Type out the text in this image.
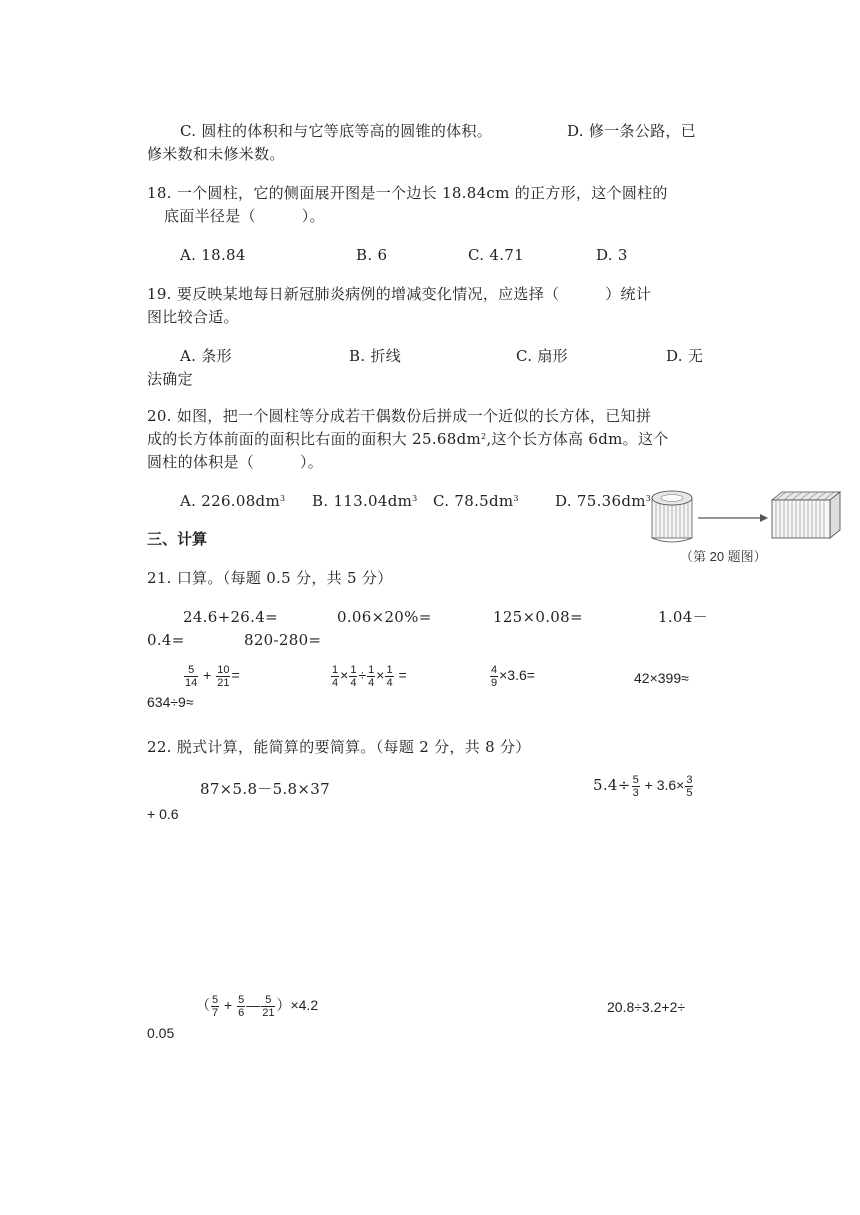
C. 圆柱的体积和与它等底等高的圆锥的体积。	D. 修一条公路，已
修米数和未修米数。
18. 一个圆柱，它的侧面展开图是一个边长 18.84cm 的正方形，这个圆柱的
底面半径是（　　　）。
A. 18.84	B. 6	C. 4.71	D. 3
19. 要反映某地每日新冠肺炎病例的增减变化情况，应选择（　　　）统计
图比较合适。
A. 条形	B. 折线	C. 扇形	D. 无
法确定
20. 如图，把一个圆柱等分成若干偶数份后拼成一个近似的长方体，已知拼
成的长方体前面的面积比右面的面积大 $25.68dm^2$,这个长方体高 6dm。这个
圆柱的体积是（　　　）。
A. $226.08dm^3$ B. $113.04dm^3$ C. $78.5dm^3$ D. $75.36dm^3$
（第 20 题图）
三、计算
21. 口算。（每题 0.5 分，共 5 分）
24.6+26.4=	0.06×20%=	125×0.08=	1.04－
0.4=	820-280=
$\frac{5}{14} + \frac{10}{21}$ =	$\frac{1}{4} \times \frac{1}{4} \div \frac{1}{4} \times \frac{1}{4}$ =	$\frac{4}{9} \times 3.6=$	42×399≈
634÷9≈
22. 脱式计算，能简算的要简算。（每题 2 分，共 8 分）
87×5.8－5.8×37	$5.4\div \frac{5}{3} + 3.6\times \frac{3}{5}$
+ 0.6
（ $\frac{5}{7} + \frac{5}{6}$ — $\frac{5}{21} )\times 4.2$	20.8÷3.2+2÷
0.05
